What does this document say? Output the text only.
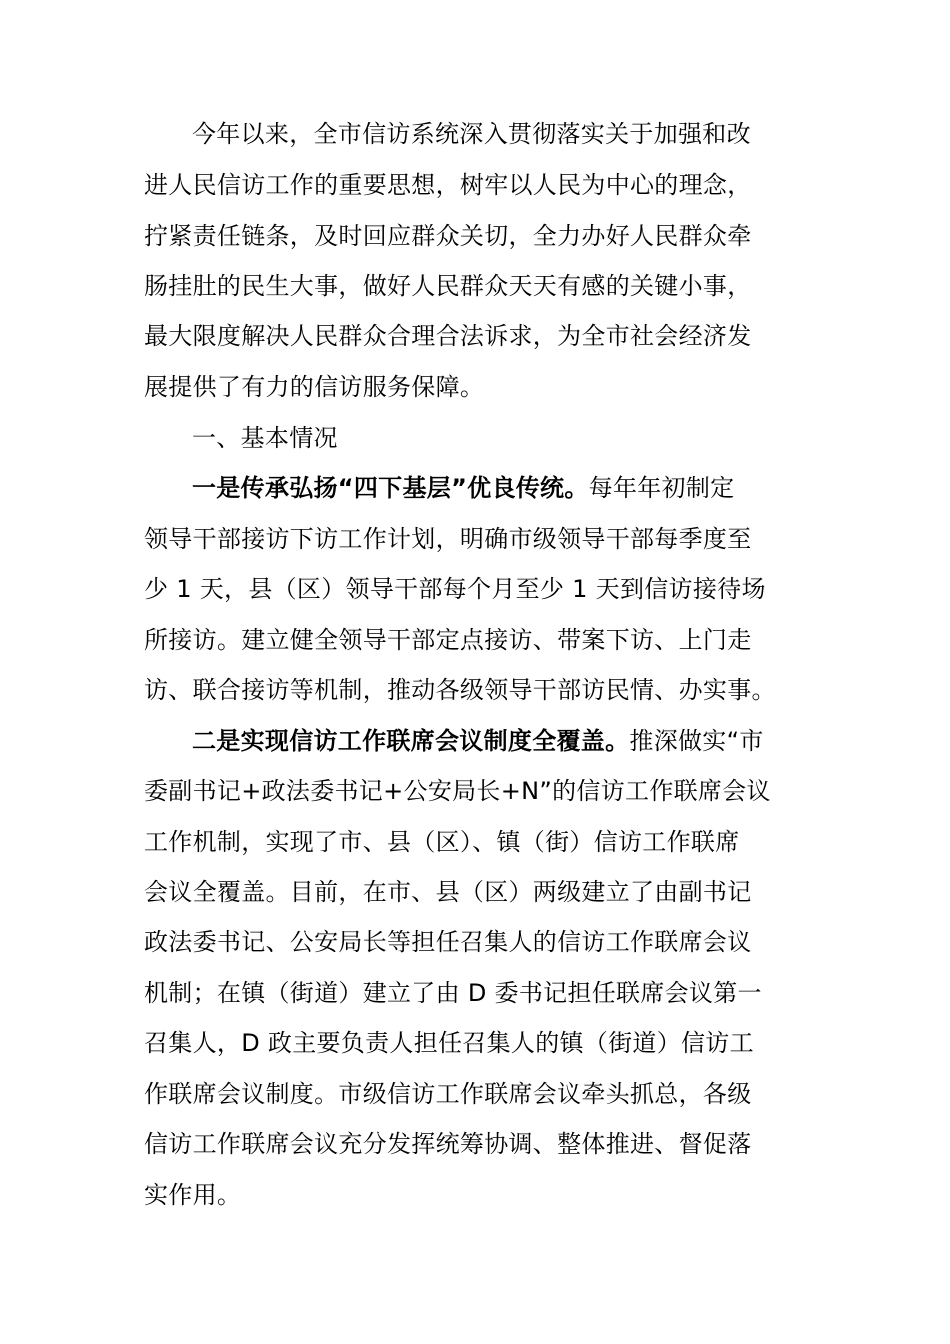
今年以来，全市信访系统深入贯彻落实关于加强和改
进人民信访工作的重要思想，树牢以人民为中心的理念，
拧紧责任链条，及时回应群众关切，全力办好人民群众牵
肠挂肚的民生大事，做好人民群众天天有感的关键小事，
最大限度解决人民群众合理合法诉求，为全市社会经济发
展提供了有力的信访服务保障。
一、基本情况
一是传承弘扬“四下基层”优良传统。每年年初制定
领导干部接访下访工作计划，明确市级领导干部每季度至
少 1 天，县（区）领导干部每个月至少 1 天到信访接待场
所接访。建立健全领导干部定点接访、带案下访、上门走
访、联合接访等机制，推动各级领导干部访民情、办实事。
二是实现信访工作联席会议制度全覆盖。推深做实“市
委副书记+政法委书记+公安局长+N”的信访工作联席会议
工作机制，实现了市、县（区）、镇（街）信访工作联席
会议全覆盖。目前，在市、县（区）两级建立了由副书记
政法委书记、公安局长等担任召集人的信访工作联席会议
机制；在镇（街道）建立了由 D 委书记担任联席会议第一
召集人，D 政主要负责人担任召集人的镇（街道）信访工
作联席会议制度。市级信访工作联席会议牵头抓总，各级
信访工作联席会议充分发挥统筹协调、整体推进、督促落
实作用。
